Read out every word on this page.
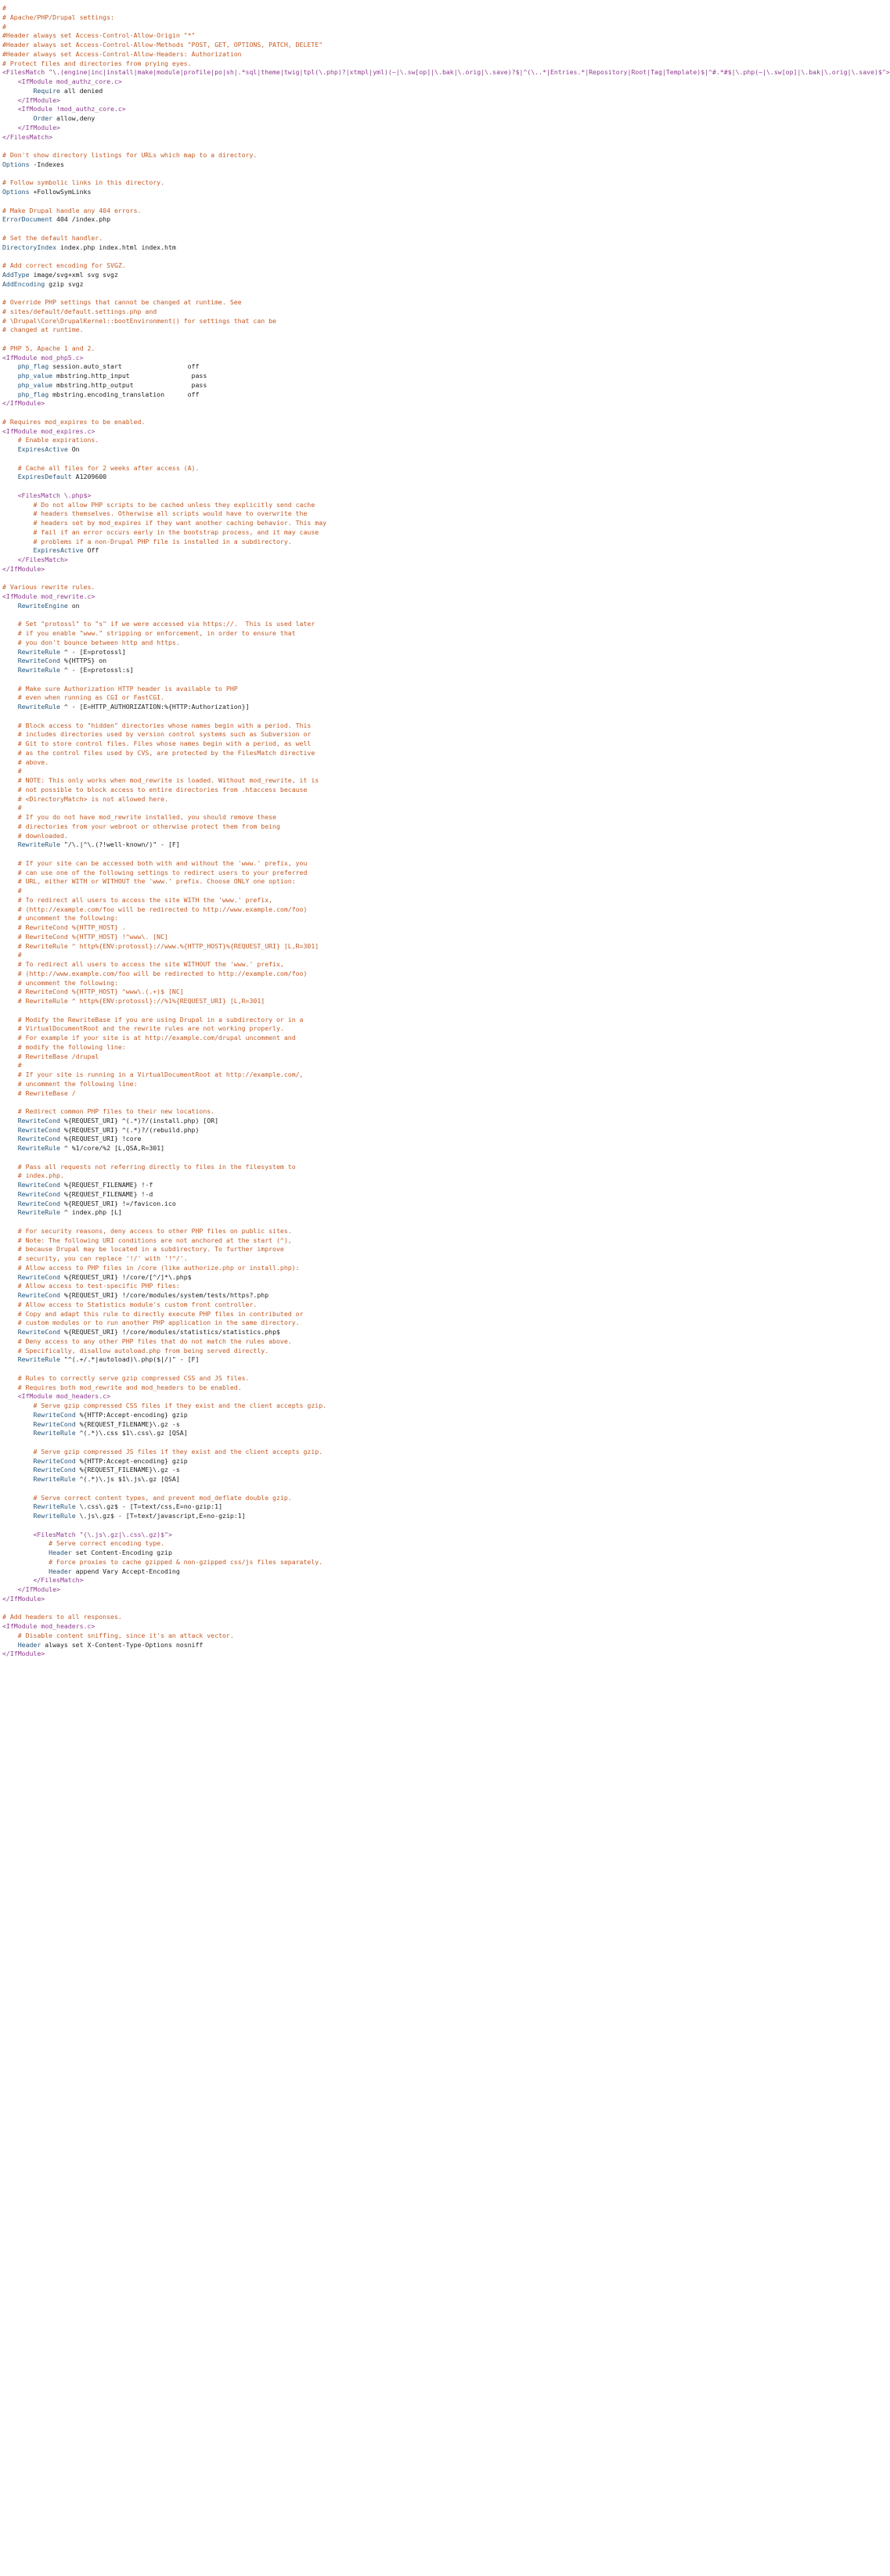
#
# Apache/PHP/Drupal settings:
#
#Header always set Access-Control-Allow-Origin "*"
#Header always set Access-Control-Allow-Methods "POST, GET, OPTIONS, PATCH, DELETE"
#Header always set Access-Control-Allow-Headers: Authorization
# Protect files and directories from prying eyes.
<FilesMatch "\.(engine|inc|install|make|module|profile|po|sh|.*sql|theme|twig|tpl(\.php)?|xtmpl|yml)(~|\.sw[op]|\.bak|\.orig|\.save)?$|^(\..*|Entries.*|Repository|Root|Tag|Template)$|^#.*#$|\.php(~|\.sw[op]|\.bak|\.orig|\.save)$">
<IfModule mod_authz_core.c>
Require all denied
</IfModule>
<IfModule !mod_authz_core.c>
Order allow,deny
</IfModule>
</FilesMatch>
# Don't show directory listings for URLs which map to a directory.
Options -Indexes
# Follow symbolic links in this directory.
Options +FollowSymLinks
# Make Drupal handle any 404 errors.
ErrorDocument 404 /index.php
# Set the default handler.
DirectoryIndex index.php index.html index.htm
# Add correct encoding for SVGZ.
AddType image/svg+xml svg svgz
AddEncoding gzip svgz
# Override PHP settings that cannot be changed at runtime. See
# sites/default/default.settings.php and
# \Drupal\Core\DrupalKernel::bootEnvironment() for settings that can be
# changed at runtime.
# PHP 5, Apache 1 and 2.
<IfModule mod_php5.c>
php_flag session.auto_start                 off
php_value mbstring.http_input                pass
php_value mbstring.http_output               pass
php_flag mbstring.encoding_translation      off
</IfModule>
# Requires mod_expires to be enabled.
<IfModule mod_expires.c>
# Enable expirations.
ExpiresActive On
# Cache all files for 2 weeks after access (A).
ExpiresDefault A1209600
<FilesMatch \.php$>
# Do not allow PHP scripts to be cached unless they explicitly send cache
# headers themselves. Otherwise all scripts would have to overwrite the
# headers set by mod_expires if they want another caching behavior. This may
# fail if an error occurs early in the bootstrap process, and it may cause
# problems if a non-Drupal PHP file is installed in a subdirectory.
ExpiresActive Off
</FilesMatch>
</IfModule>
# Various rewrite rules.
<IfModule mod_rewrite.c>
RewriteEngine on
# Set "protossl" to "s" if we were accessed via https://.  This is used later
# if you enable "www." stripping or enforcement, in order to ensure that
# you don't bounce between http and https.
RewriteRule ^ - [E=protossl]
RewriteCond %{HTTPS} on
RewriteRule ^ - [E=protossl:s]
# Make sure Authorization HTTP header is available to PHP
# even when running as CGI or FastCGI.
RewriteRule ^ - [E=HTTP_AUTHORIZATION:%{HTTP:Authorization}]
# Block access to "hidden" directories whose names begin with a period. This
# includes directories used by version control systems such as Subversion or
# Git to store control files. Files whose names begin with a period, as well
# as the control files used by CVS, are protected by the FilesMatch directive
# above.
#
# NOTE: This only works when mod_rewrite is loaded. Without mod_rewrite, it is
# not possible to block access to entire directories from .htaccess because
# <DirectoryMatch> is not allowed here.
#
# If you do not have mod_rewrite installed, you should remove these
# directories from your webroot or otherwise protect them from being
# downloaded.
RewriteRule "/\.|^\.(?!well-known/)" - [F]
# If your site can be accessed both with and without the 'www.' prefix, you
# can use one of the following settings to redirect users to your preferred
# URL, either WITH or WITHOUT the 'www.' prefix. Choose ONLY one option:
#
# To redirect all users to access the site WITH the 'www.' prefix,
# (http://example.com/foo will be redirected to http://www.example.com/foo)
# uncomment the following:
# RewriteCond %{HTTP_HOST} .
# RewriteCond %{HTTP_HOST} !^www\. [NC]
# RewriteRule ^ http%{ENV:protossl}://www.%{HTTP_HOST}%{REQUEST_URI} [L,R=301]
#
# To redirect all users to access the site WITHOUT the 'www.' prefix,
# (http://www.example.com/foo will be redirected to http://example.com/foo)
# uncomment the following:
# RewriteCond %{HTTP_HOST} ^www\.(.+)$ [NC]
# RewriteRule ^ http%{ENV:protossl}://%1%{REQUEST_URI} [L,R=301]
# Modify the RewriteBase if you are using Drupal in a subdirectory or in a
# VirtualDocumentRoot and the rewrite rules are not working properly.
# For example if your site is at http://example.com/drupal uncomment and
# modify the following line:
# RewriteBase /drupal
#
# If your site is running in a VirtualDocumentRoot at http://example.com/,
# uncomment the following line:
# RewriteBase /
# Redirect common PHP files to their new locations.
RewriteCond %{REQUEST_URI} ^(.*)?/(install.php) [OR]
RewriteCond %{REQUEST_URI} ^(.*)?/(rebuild.php)
RewriteCond %{REQUEST_URI} !core
RewriteRule ^ %1/core/%2 [L,QSA,R=301]
# Pass all requests not referring directly to files in the filesystem to
# index.php.
RewriteCond %{REQUEST_FILENAME} !-f
RewriteCond %{REQUEST_FILENAME} !-d
RewriteCond %{REQUEST_URI} !=/favicon.ico
RewriteRule ^ index.php [L]
# For security reasons, deny access to other PHP files on public sites.
# Note: The following URI conditions are not anchored at the start (^),
# because Drupal may be located in a subdirectory. To further improve
# security, you can replace '!/' with '!^/'.
# Allow access to PHP files in /core (like authorize.php or install.php):
RewriteCond %{REQUEST_URI} !/core/[^/]*\.php$
# Allow access to test-specific PHP files:
RewriteCond %{REQUEST_URI} !/core/modules/system/tests/https?.php
# Allow access to Statistics module's custom front controller.
# Copy and adapt this rule to directly execute PHP files in contributed or
# custom modules or to run another PHP application in the same directory.
RewriteCond %{REQUEST_URI} !/core/modules/statistics/statistics.php$
# Deny access to any other PHP files that do not match the rules above.
# Specifically, disallow autoload.php from being served directly.
RewriteRule "^(.+/.*|autoload)\.php($|/)" - [F]
# Rules to correctly serve gzip compressed CSS and JS files.
# Requires both mod_rewrite and mod_headers to be enabled.
<IfModule mod_headers.c>
# Serve gzip compressed CSS files if they exist and the client accepts gzip.
RewriteCond %{HTTP:Accept-encoding} gzip
RewriteCond %{REQUEST_FILENAME}\.gz -s
RewriteRule ^(.*)\.css $1\.css\.gz [QSA]
# Serve gzip compressed JS files if they exist and the client accepts gzip.
RewriteCond %{HTTP:Accept-encoding} gzip
RewriteCond %{REQUEST_FILENAME}\.gz -s
RewriteRule ^(.*)\.js $1\.js\.gz [QSA]
# Serve correct content types, and prevent mod_deflate double gzip.
RewriteRule \.css\.gz$ - [T=text/css,E=no-gzip:1]
RewriteRule \.js\.gz$ - [T=text/javascript,E=no-gzip:1]
<FilesMatch "(\.js\.gz|\.css\.gz)$">
# Serve correct encoding type.
Header set Content-Encoding gzip
# Force proxies to cache gzipped & non-gzipped css/js files separately.
Header append Vary Accept-Encoding
</FilesMatch>
</IfModule>
</IfModule>
# Add headers to all responses.
<IfModule mod_headers.c>
# Disable content sniffing, since it's an attack vector.
Header always set X-Content-Type-Options nosniff
</IfModule>
